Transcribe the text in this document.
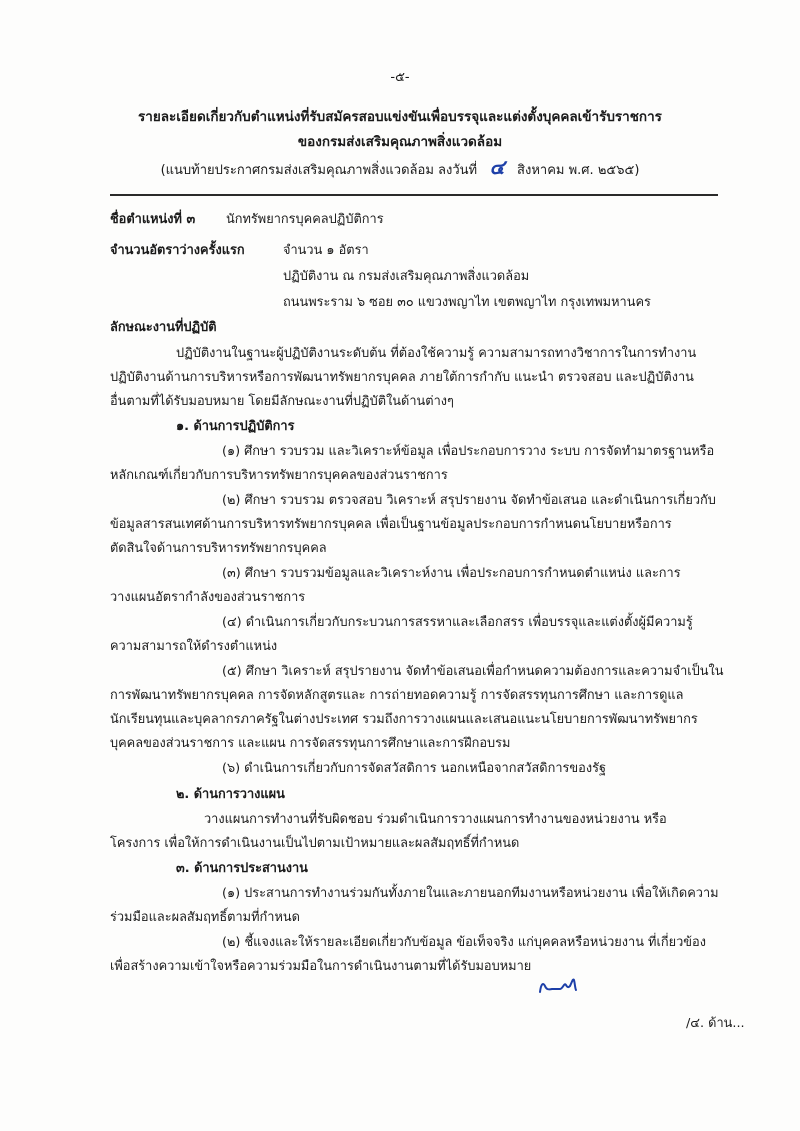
-๕-
รายละเอียดเกี่ยวกับตำแหน่งที่รับสมัครสอบแข่งขันเพื่อบรรจุและแต่งตั้งบุคคลเข้ารับราชการ
ของกรมส่งเสริมคุณภาพสิ่งแวดล้อม
(แนบท้ายประกาศกรมส่งเสริมคุณภาพสิ่งแวดล้อม ลงวันที่ ๔ สิงหาคม พ.ศ. ๒๕๖๕)
ชื่อตำแหน่งที่ ๓ นักทรัพยากรบุคคลปฏิบัติการ
จำนวนอัตราว่างครั้งแรก	จำนวน ๑ อัตรา
ปฏิบัติงาน ณ กรมส่งเสริมคุณภาพสิ่งแวดล้อม
ถนนพระราม ๖ ซอย ๓๐ แขวงพญาไท เขตพญาไท กรุงเทพมหานคร
ลักษณะงานที่ปฏิบัติ
ปฏิบัติงานในฐานะผู้ปฏิบัติงานระดับต้น ที่ต้องใช้ความรู้ ความสามารถทางวิชาการในการทำงาน
ปฏิบัติงานด้านการบริหารหรือการพัฒนาทรัพยากรบุคคล ภายใต้การกำกับ แนะนำ ตรวจสอบ และปฏิบัติงาน
อื่นตามที่ได้รับมอบหมาย โดยมีลักษณะงานที่ปฏิบัติในด้านต่างๆ
๑. ด้านการปฏิบัติการ
(๑) ศึกษา รวบรวม และวิเคราะห์ข้อมูล เพื่อประกอบการวาง ระบบ การจัดทำมาตรฐานหรือ
หลักเกณฑ์เกี่ยวกับการบริหารทรัพยากรบุคคลของส่วนราชการ
(๒) ศึกษา รวบรวม ตรวจสอบ วิเคราะห์ สรุปรายงาน จัดทำข้อเสนอ และดำเนินการเกี่ยวกับ
ข้อมูลสารสนเทศด้านการบริหารทรัพยากรบุคคล เพื่อเป็นฐานข้อมูลประกอบการกำหนดนโยบายหรือการ
ตัดสินใจด้านการบริหารทรัพยากรบุคคล
(๓) ศึกษา รวบรวมข้อมูลและวิเคราะห์งาน เพื่อประกอบการกำหนดตำแหน่ง และการ
วางแผนอัตรากำลังของส่วนราชการ
(๔) ดำเนินการเกี่ยวกับกระบวนการสรรหาและเลือกสรร เพื่อบรรจุและแต่งตั้งผู้มีความรู้
ความสามารถให้ดำรงตำแหน่ง
(๕) ศึกษา วิเคราะห์ สรุปรายงาน จัดทำข้อเสนอเพื่อกำหนดความต้องการและความจำเป็นใน
การพัฒนาทรัพยากรบุคคล การจัดหลักสูตรและ การถ่ายทอดความรู้ การจัดสรรทุนการศึกษา และการดูแล
นักเรียนทุนและบุคลากรภาครัฐในต่างประเทศ รวมถึงการวางแผนและเสนอแนะนโยบายการพัฒนาทรัพยากร
บุคคลของส่วนราชการ และแผน การจัดสรรทุนการศึกษาและการฝึกอบรม
(๖) ดำเนินการเกี่ยวกับการจัดสวัสดิการ นอกเหนือจากสวัสดิการของรัฐ
๒. ด้านการวางแผน
วางแผนการทำงานที่รับผิดชอบ ร่วมดำเนินการวางแผนการทำงานของหน่วยงาน หรือ
โครงการ เพื่อให้การดำเนินงานเป็นไปตามเป้าหมายและผลสัมฤทธิ์ที่กำหนด
๓. ด้านการประสานงาน
(๑) ประสานการทำงานร่วมกันทั้งภายในและภายนอกทีมงานหรือหน่วยงาน เพื่อให้เกิดความ
ร่วมมือและผลสัมฤทธิ์ตามที่กำหนด
(๒) ชี้แจงและให้รายละเอียดเกี่ยวกับข้อมูล ข้อเท็จจริง แก่บุคคลหรือหน่วยงาน ที่เกี่ยวข้อง
เพื่อสร้างความเข้าใจหรือความร่วมมือในการดำเนินงานตามที่ได้รับมอบหมาย
/๔. ด้าน...
